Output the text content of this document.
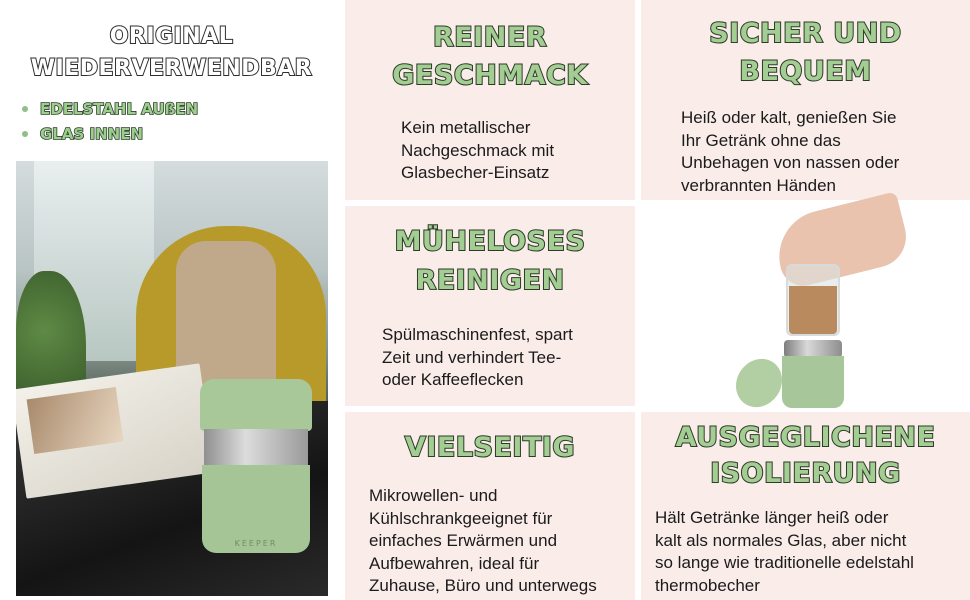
ORIGINAL
WIEDERVERWENDBAR
EDELSTAHL AUßEN
GLAS INNEN
KEEPER
REINER
GESCHMACK
Kein metallischer
Nachgeschmack mit
Glasbecher-Einsatz
SICHER UND
BEQUEM
Heiß oder kalt, genießen Sie
Ihr Getränk ohne das
Unbehagen von nassen oder
verbrannten Händen
MÜHELOSES
REINIGEN
Spülmaschinenfest, spart
Zeit und verhindert Tee-
oder Kaffeeflecken
VIELSEITIG
Mikrowellen- und
Kühlschrankgeeignet für
einfaches Erwärmen und
Aufbewahren, ideal für
Zuhause, Büro und unterwegs
AUSGEGLICHENE
ISOLIERUNG
Hält Getränke länger heiß oder
kalt als normales Glas, aber nicht
so lange wie traditionelle edelstahl
thermobecher
